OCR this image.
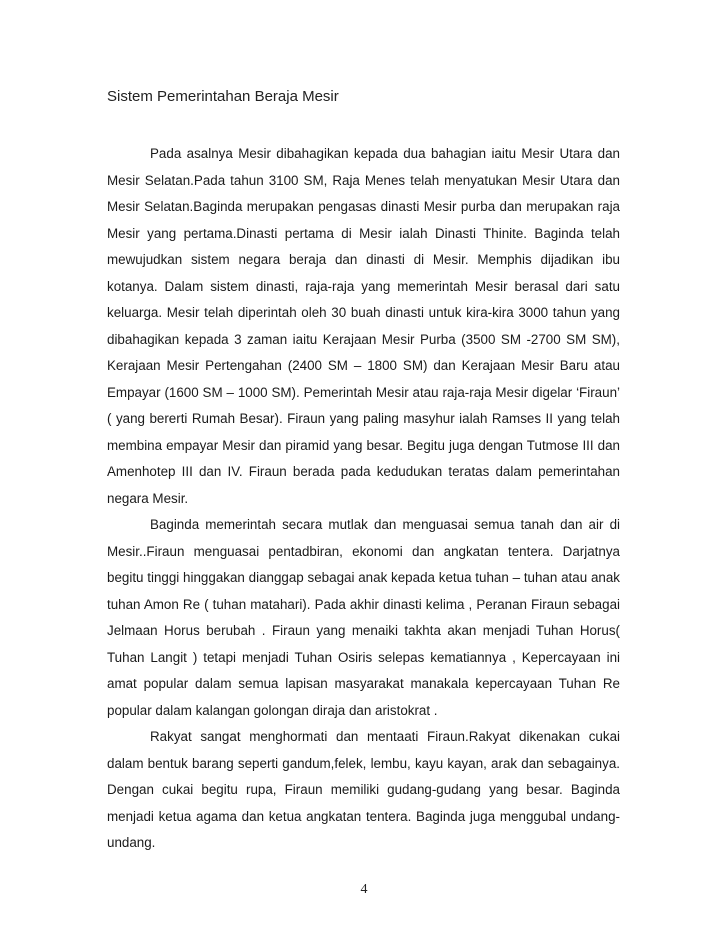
Sistem Pemerintahan Beraja Mesir

Pada asalnya Mesir dibahagikan kepada dua bahagian iaitu Mesir Utara dan Mesir Selatan.Pada tahun 3100 SM, Raja Menes telah menyatukan Mesir Utara dan Mesir Selatan.Baginda merupakan pengasas dinasti Mesir purba dan merupakan raja Mesir yang pertama.Dinasti pertama di Mesir ialah Dinasti Thinite. Baginda telah mewujudkan sistem negara beraja dan dinasti di Mesir. Memphis dijadikan ibu kotanya. Dalam sistem dinasti, raja-raja yang memerintah Mesir berasal dari satu keluarga. Mesir telah diperintah oleh 30 buah dinasti untuk kira-kira 3000 tahun yang dibahagikan kepada 3 zaman iaitu Kerajaan Mesir Purba (3500 SM -2700 SM SM), Kerajaan Mesir Pertengahan (2400 SM – 1800 SM) dan Kerajaan Mesir Baru atau Empayar (1600 SM – 1000 SM). Pemerintah Mesir atau raja-raja Mesir digelar ‘Firaun’ ( yang bererti Rumah Besar). Firaun yang paling masyhur ialah Ramses II yang telah membina empayar Mesir dan piramid yang besar. Begitu juga dengan Tutmose III dan Amenhotep III dan IV. Firaun berada pada kedudukan teratas dalam pemerintahan negara Mesir.

Baginda memerintah secara mutlak dan menguasai semua tanah dan air di Mesir..Firaun menguasai pentadbiran, ekonomi dan angkatan tentera. Darjatnya begitu tinggi hinggakan dianggap sebagai anak kepada ketua tuhan – tuhan atau anak tuhan Amon Re ( tuhan matahari). Pada akhir dinasti kelima , Peranan Firaun sebagai Jelmaan Horus berubah . Firaun yang menaiki takhta akan menjadi Tuhan Horus( Tuhan Langit ) tetapi menjadi Tuhan Osiris selepas kematiannya , Kepercayaan ini amat popular dalam semua lapisan masyarakat manakala kepercayaan Tuhan Re popular dalam kalangan golongan diraja dan aristokrat .

Rakyat sangat menghormati dan mentaati Firaun.Rakyat dikenakan cukai dalam bentuk barang seperti gandum,felek, lembu, kayu kayan, arak dan sebagainya. Dengan cukai begitu rupa, Firaun memiliki gudang-gudang yang besar. Baginda menjadi ketua agama dan ketua angkatan tentera. Baginda juga menggubal undang-undang.

4
